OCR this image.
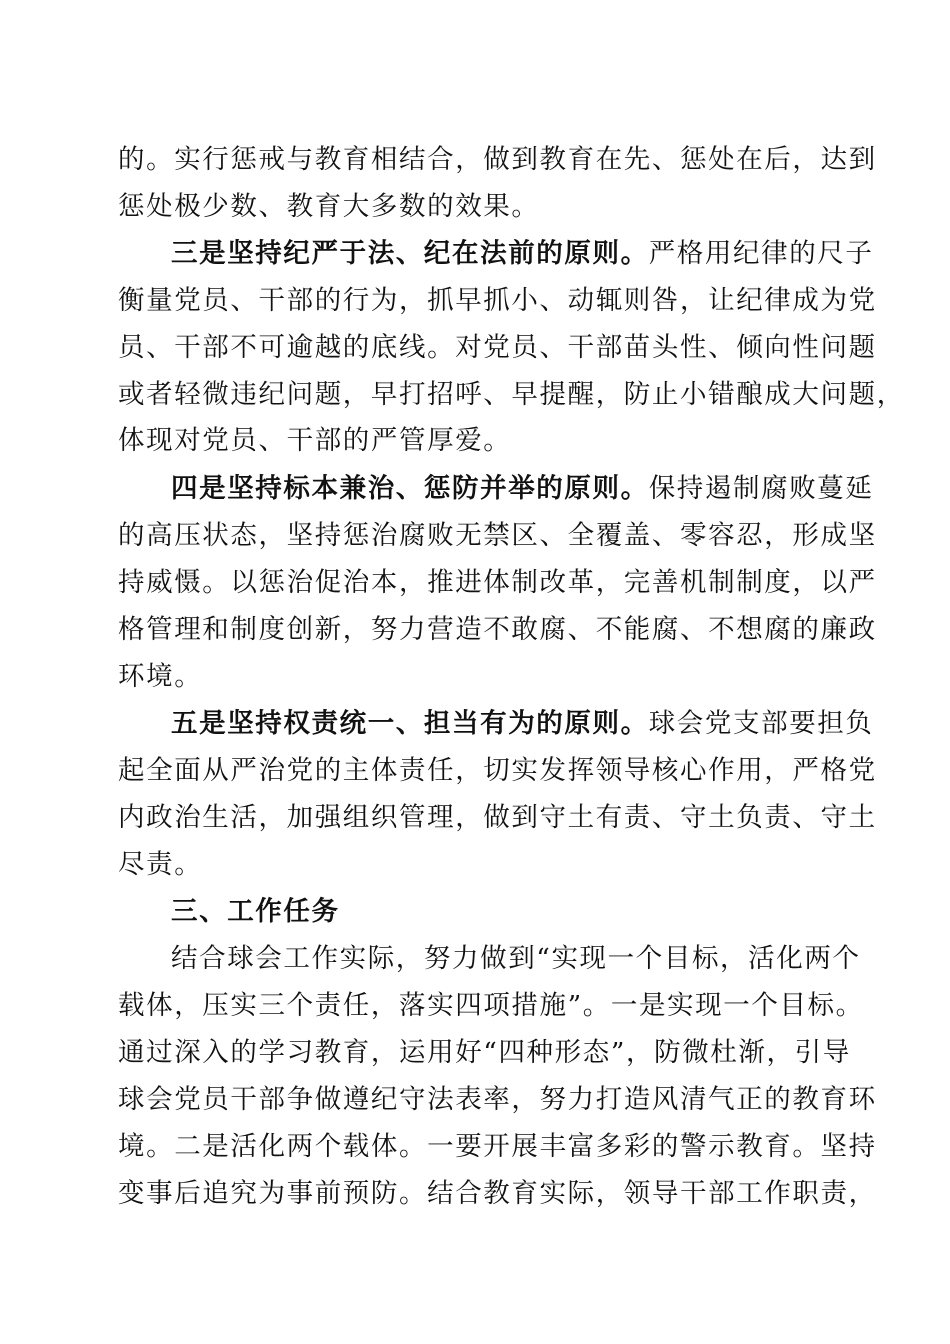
的。实行惩戒与教育相结合，做到教育在先、惩处在后，达到
惩处极少数、教育大多数的效果。
三是坚持纪严于法、纪在法前的原则。严格用纪律的尺子
衡量党员、干部的行为，抓早抓小、动辄则咎，让纪律成为党
员、干部不可逾越的底线。对党员、干部苗头性、倾向性问题
或者轻微违纪问题，早打招呼、早提醒，防止小错酿成大问题，
体现对党员、干部的严管厚爱。
四是坚持标本兼治、惩防并举的原则。保持遏制腐败蔓延
的高压状态，坚持惩治腐败无禁区、全覆盖、零容忍，形成坚
持威慑。以惩治促治本，推进体制改革，完善机制制度，以严
格管理和制度创新，努力营造不敢腐、不能腐、不想腐的廉政
环境。
五是坚持权责统一、担当有为的原则。球会党支部要担负
起全面从严治党的主体责任，切实发挥领导核心作用，严格党
内政治生活，加强组织管理，做到守土有责、守土负责、守土
尽责。
三、工作任务
结合球会工作实际，努力做到“实现一个目标，活化两个
载体，压实三个责任，落实四项措施”。一是实现一个目标。
通过深入的学习教育，运用好“四种形态”，防微杜渐，引导
球会党员干部争做遵纪守法表率，努力打造风清气正的教育环
境。二是活化两个载体。一要开展丰富多彩的警示教育。坚持
变事后追究为事前预防。结合教育实际，领导干部工作职责，
